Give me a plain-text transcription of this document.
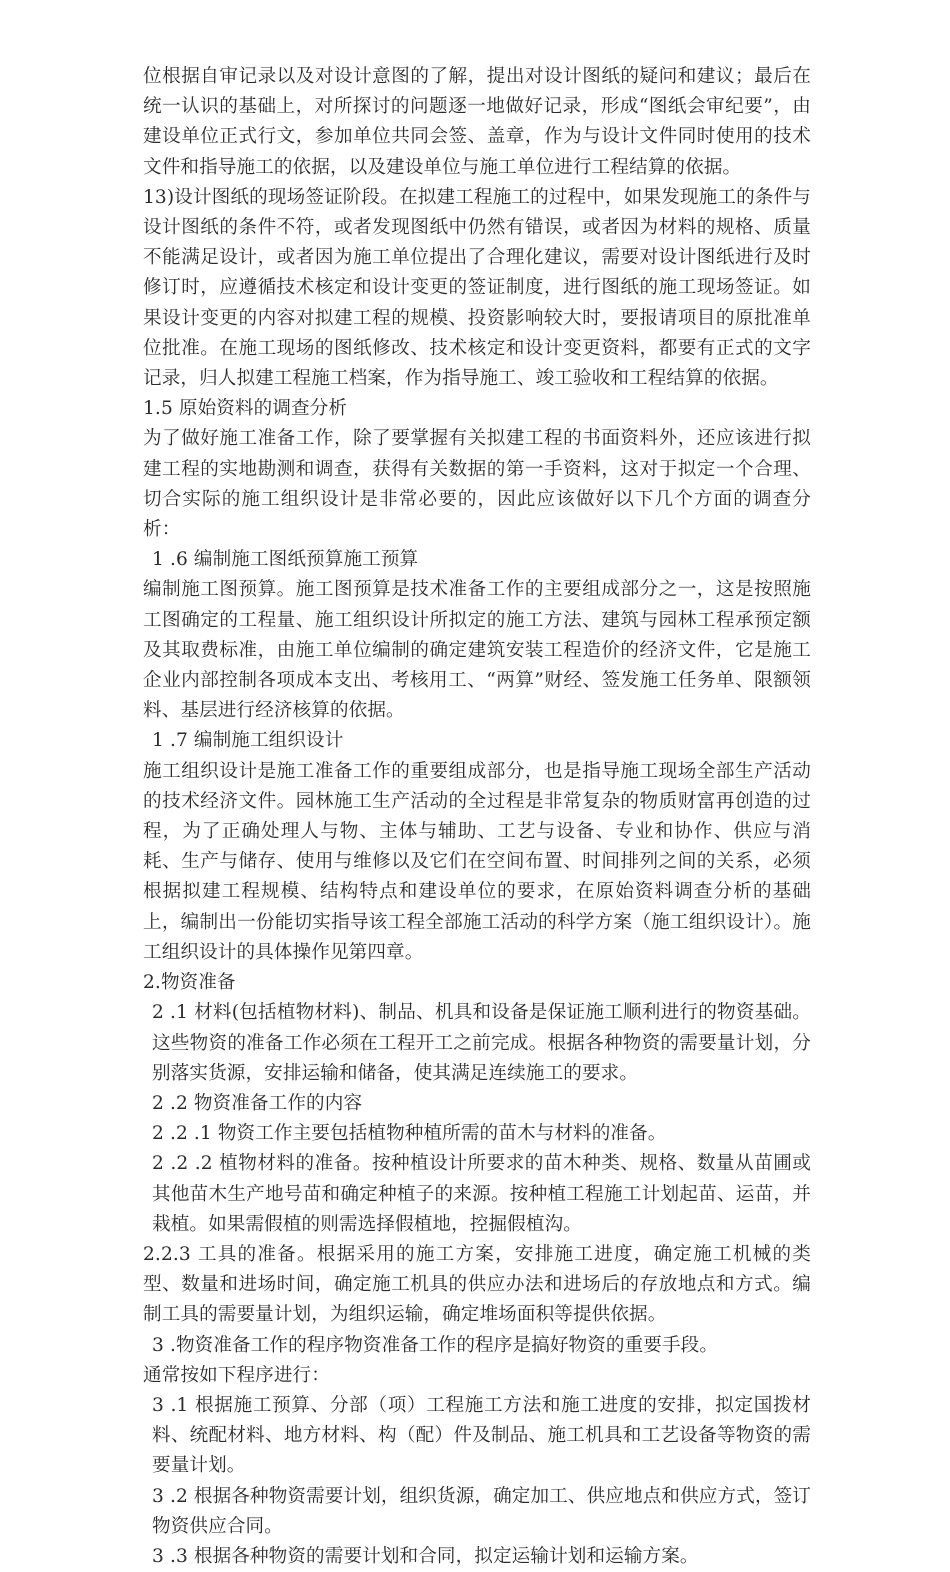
位根据自审记录以及对设计意图的了解，提出对设计图纸的疑问和建议；最后在统一认识的基础上，对所探讨的问题逐一地做好记录，形成“图纸会审纪要”，由建设单位正式行文，参加单位共同会签、盖章，作为与设计文件同时使用的技术文件和指导施工的依据，以及建设单位与施工单位进行工程结算的依据。

13)设计图纸的现场签证阶段。在拟建工程施工的过程中，如果发现施工的条件与设计图纸的条件不符，或者发现图纸中仍然有错误，或者因为材料的规格、质量不能满足设计，或者因为施工单位提出了合理化建议，需要对设计图纸进行及时修订时，应遵循技术核定和设计变更的签证制度，进行图纸的施工现场签证。如果设计变更的内容对拟建工程的规模、投资影响较大时，要报请项目的原批准单位批准。在施工现场的图纸修改、技术核定和设计变更资料，都要有正式的文字记录，归人拟建工程施工档案，作为指导施工、竣工验收和工程结算的依据。

1.5 原始资料的调查分析

为了做好施工准备工作，除了要掌握有关拟建工程的书面资料外，还应该进行拟建工程的实地勘测和调查，获得有关数据的第一手资料，这对于拟定一个合理、切合实际的施工组织设计是非常必要的，因此应该做好以下几个方面的调查分析：

1 .6 编制施工图纸预算施工预算

编制施工图预算。施工图预算是技术准备工作的主要组成部分之一，这是按照施工图确定的工程量、施工组织设计所拟定的施工方法、建筑与园林工程承预定额及其取费标准，由施工单位编制的确定建筑安装工程造价的经济文件，它是施工企业内部控制各项成本支出、考核用工、“两算”财经、签发施工任务单、限额领料、基层进行经济核算的依据。

1 .7 编制施工组织设计

施工组织设计是施工准备工作的重要组成部分，也是指导施工现场全部生产活动的技术经济文件。园林施工生产活动的全过程是非常复杂的物质财富再创造的过程，为了正确处理人与物、主体与辅助、工艺与设备、专业和协作、供应与消耗、生产与储存、使用与维修以及它们在空间布置、时间排列之间的关系，必须根据拟建工程规模、结构特点和建设单位的要求，在原始资料调查分析的基础上，编制出一份能切实指导该工程全部施工活动的科学方案（施工组织设计）。施工组织设计的具体操作见第四章。

2.物资准备

2 .1 材料(包括植物材料)、制品、机具和设备是保证施工顺利进行的物资基础。这些物资的准备工作必须在工程开工之前完成。根据各种物资的需要量计划，分别落实货源，安排运输和储备，使其满足连续施工的要求。

2 .2 物资准备工作的内容

2 .2 .1 物资工作主要包括植物种植所需的苗木与材料的准备。

2 .2 .2 植物材料的准备。按种植设计所要求的苗木种类、规格、数量从苗圃或其他苗木生产地号苗和确定种植子的来源。按种植工程施工计划起苗、运苗，并栽植。如果需假植的则需选择假植地，控掘假植沟。

2.2.3 工具的准备。根据采用的施工方案，安排施工进度，确定施工机械的类型、数量和进场时间，确定施工机具的供应办法和进场后的存放地点和方式。编制工具的需要量计划，为组织运输，确定堆场面积等提供依据。

3 .物资准备工作的程序物资准备工作的程序是搞好物资的重要手段。

通常按如下程序进行：

3 .1 根据施工预算、分部（项）工程施工方法和施工进度的安排，拟定国拨材料、统配材料、地方材料、构（配）件及制品、施工机具和工艺设备等物资的需要量计划。

3 .2 根据各种物资需要计划，组织货源，确定加工、供应地点和供应方式，签订物资供应合同。

3 .3 根据各种物资的需要计划和合同，拟定运输计划和运输方案。
